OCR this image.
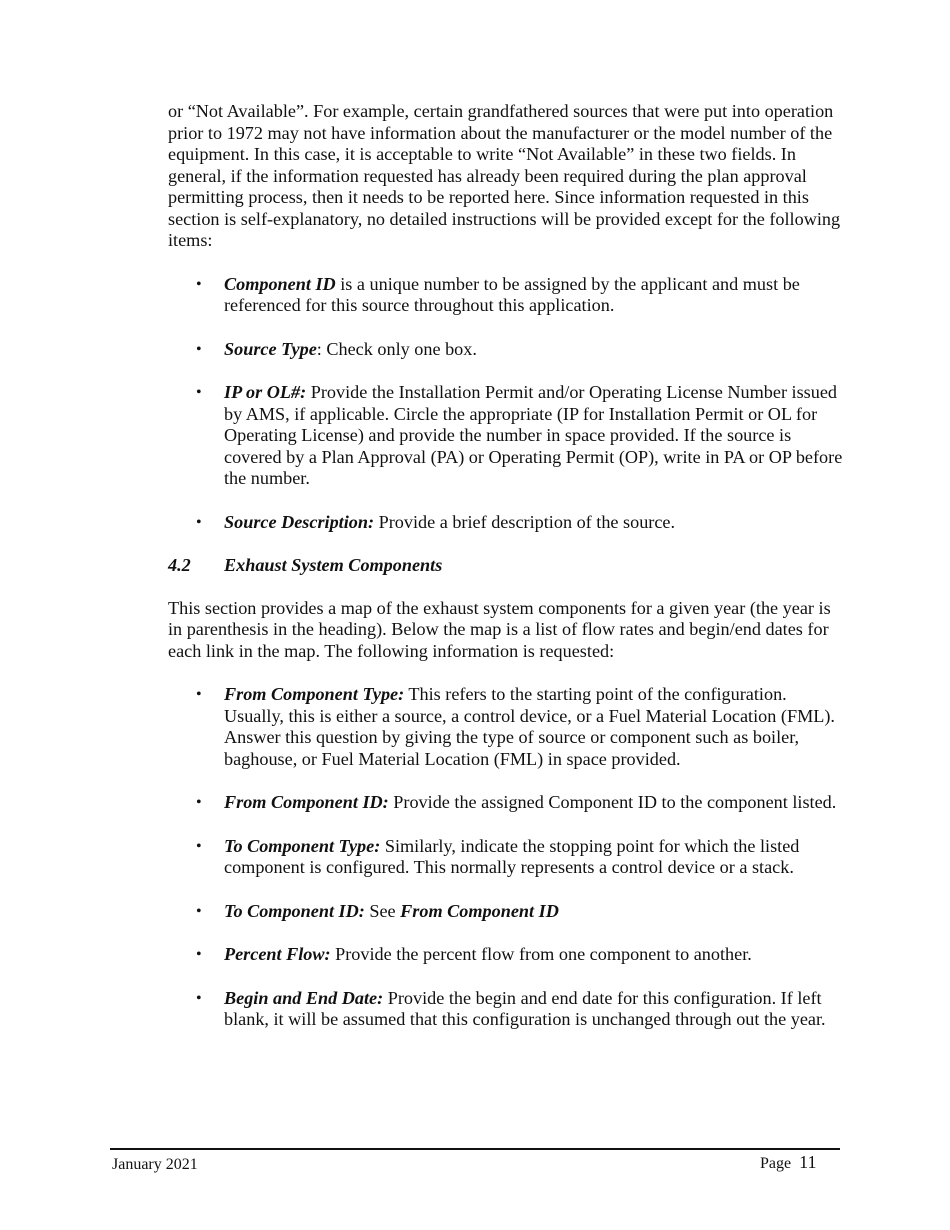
or “Not Available”. For example, certain grandfathered sources that were put into operation prior to 1972 may not have information about the manufacturer or the model number of the equipment. In this case, it is acceptable to write “Not Available” in these two fields. In general, if the information requested has already been required during the plan approval permitting process, then it needs to be reported here. Since information requested in this section is self-explanatory, no detailed instructions will be provided except for the following items:

• Component ID is a unique number to be assigned by the applicant and must be referenced for this source throughout this application.
• Source Type: Check only one box.
• IP or OL#: Provide the Installation Permit and/or Operating License Number issued by AMS, if applicable. Circle the appropriate (IP for Installation Permit or OL for Operating License) and provide the number in space provided. If the source is covered by a Plan Approval (PA) or Operating Permit (OP), write in PA or OP before the number.
• Source Description: Provide a brief description of the source.

4.2 Exhaust System Components

This section provides a map of the exhaust system components for a given year (the year is in parenthesis in the heading). Below the map is a list of flow rates and begin/end dates for each link in the map. The following information is requested:

• From Component Type: This refers to the starting point of the configuration. Usually, this is either a source, a control device, or a Fuel Material Location (FML). Answer this question by giving the type of source or component such as boiler, baghouse, or Fuel Material Location (FML) in space provided.
• From Component ID: Provide the assigned Component ID to the component listed.
• To Component Type: Similarly, indicate the stopping point for which the listed component is configured. This normally represents a control device or a stack.
• To Component ID: See From Component ID
• Percent Flow: Provide the percent flow from one component to another.
• Begin and End Date: Provide the begin and end date for this configuration. If left blank, it will be assumed that this configuration is unchanged through out the year.
January 2021	Page 11
